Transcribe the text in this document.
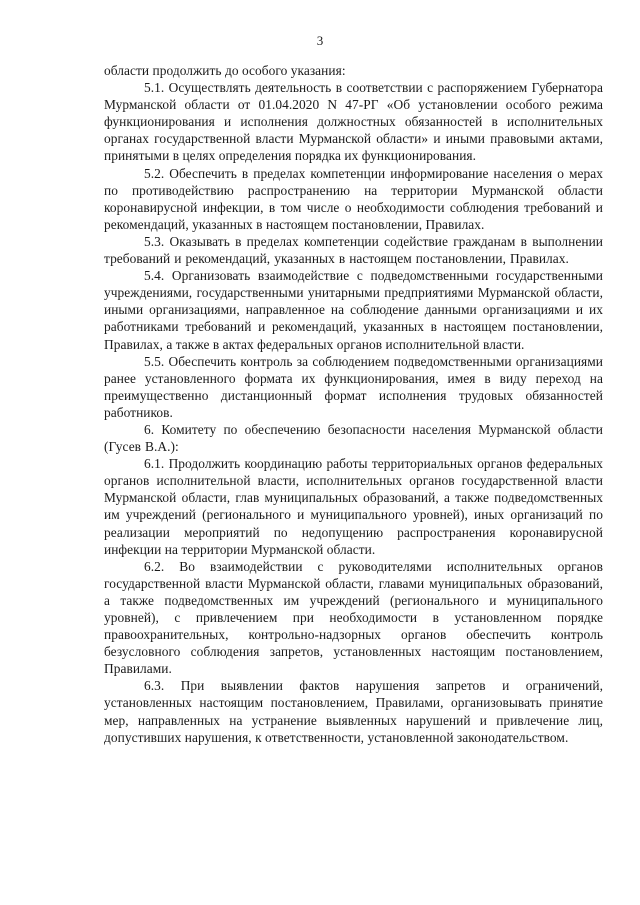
3

области продолжить до особого указания:

5.1. Осуществлять деятельность в соответствии с распоряжением Губернатора Мурманской области от 01.04.2020 N 47-РГ «Об установлении особого режима функционирования и исполнения должностных обязанностей в исполнительных органах государственной власти Мурманской области» и иными правовыми актами, принятыми в целях определения порядка их функционирования.

5.2. Обеспечить в пределах компетенции информирование населения о мерах по противодействию распространению на территории Мурманской области коронавирусной инфекции, в том числе о необходимости соблюдения требований и рекомендаций, указанных в настоящем постановлении, Правилах.

5.3. Оказывать в пределах компетенции содействие гражданам в выполнении требований и рекомендаций, указанных в настоящем постановлении, Правилах.

5.4. Организовать взаимодействие с подведомственными государственными учреждениями, государственными унитарными предприятиями Мурманской области, иными организациями, направленное на соблюдение данными организациями и их работниками требований и рекомендаций, указанных в настоящем постановлении, Правилах, а также в актах федеральных органов исполнительной власти.

5.5. Обеспечить контроль за соблюдением подведомственными организациями ранее установленного формата их функционирования, имея в виду переход на преимущественно дистанционный формат исполнения трудовых обязанностей работников.

6. Комитету по обеспечению безопасности населения Мурманской области (Гусев В.А.):

6.1. Продолжить координацию работы территориальных органов федеральных органов исполнительной власти, исполнительных органов государственной власти Мурманской области, глав муниципальных образований, а также подведомственных им учреждений (регионального и муниципального уровней), иных организаций по реализации мероприятий по недопущению распространения коронавирусной инфекции на территории Мурманской области.

6.2. Во взаимодействии с руководителями исполнительных органов государственной власти Мурманской области, главами муниципальных образований, а также подведомственных им учреждений (регионального и муниципального уровней), с привлечением при необходимости в установленном порядке правоохранительных, контрольно-надзорных органов обеспечить контроль безусловного соблюдения запретов, установленных настоящим постановлением, Правилами.

6.3. При выявлении фактов нарушения запретов и ограничений, установленных настоящим постановлением, Правилами, организовывать принятие мер, направленных на устранение выявленных нарушений и привлечение лиц, допустивших нарушения, к ответственности, установленной законодательством.
